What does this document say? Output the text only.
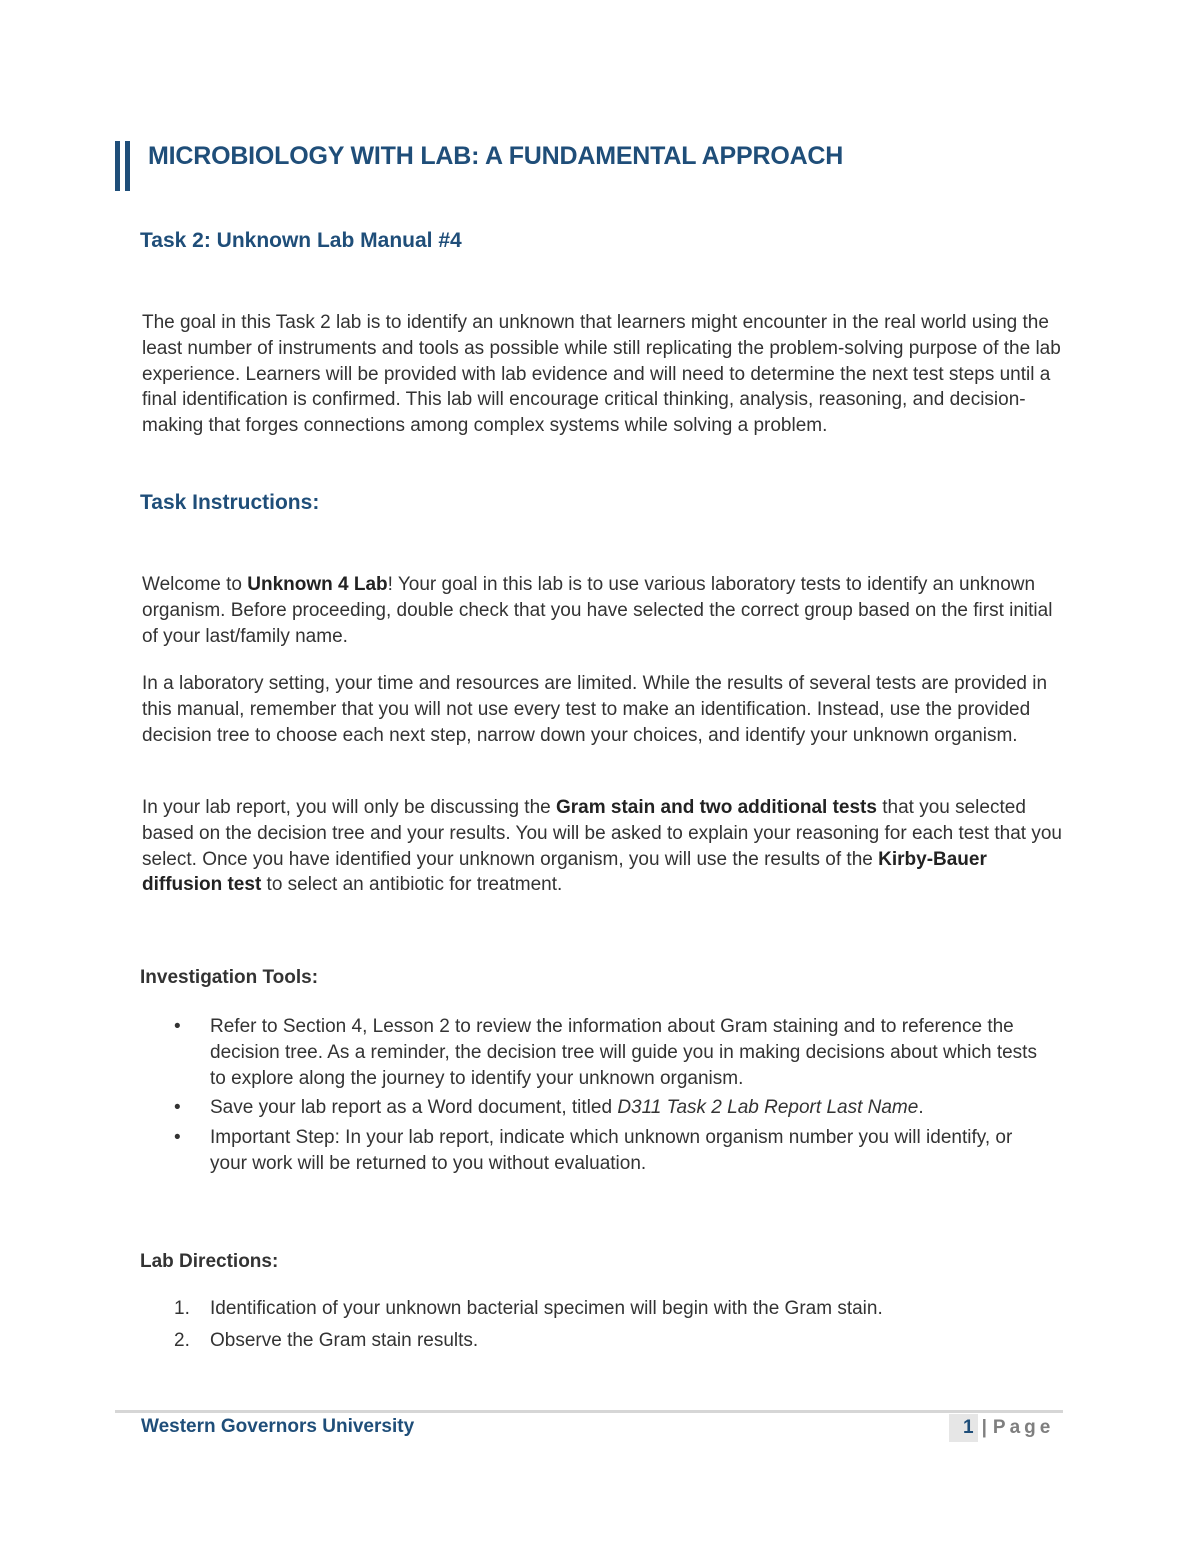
MICROBIOLOGY WITH LAB: A FUNDAMENTAL APPROACH
Task 2: Unknown Lab Manual #4

The goal in this Task 2 lab is to identify an unknown that learners might encounter in the real world using the least number of instruments and tools as possible while still replicating the problem-solving purpose of the lab experience. Learners will be provided with lab evidence and will need to determine the next test steps until a final identification is confirmed. This lab will encourage critical thinking, analysis, reasoning, and decision-making that forges connections among complex systems while solving a problem.

Task Instructions:

Welcome to Unknown 4 Lab! Your goal in this lab is to use various laboratory tests to identify an unknown organism. Before proceeding, double check that you have selected the correct group based on the first initial of your last/family name.

In a laboratory setting, your time and resources are limited. While the results of several tests are provided in this manual, remember that you will not use every test to make an identification. Instead, use the provided decision tree to choose each next step, narrow down your choices, and identify your unknown organism.

In your lab report, you will only be discussing the Gram stain and two additional tests that you selected based on the decision tree and your results. You will be asked to explain your reasoning for each test that you select. Once you have identified your unknown organism, you will use the results of the Kirby-Bauer diffusion test to select an antibiotic for treatment.

Investigation Tools:
• Refer to Section 4, Lesson 2 to review the information about Gram staining and to reference the decision tree. As a reminder, the decision tree will guide you in making decisions about which tests to explore along the journey to identify your unknown organism.
• Save your lab report as a Word document, titled D311 Task 2 Lab Report Last Name.
• Important Step: In your lab report, indicate which unknown organism number you will identify, or your work will be returned to you without evaluation.
Lab Directions:
1. Identification of your unknown bacterial specimen will begin with the Gram stain.
2. Observe the Gram stain results.

Western Governors University	1 | Page
